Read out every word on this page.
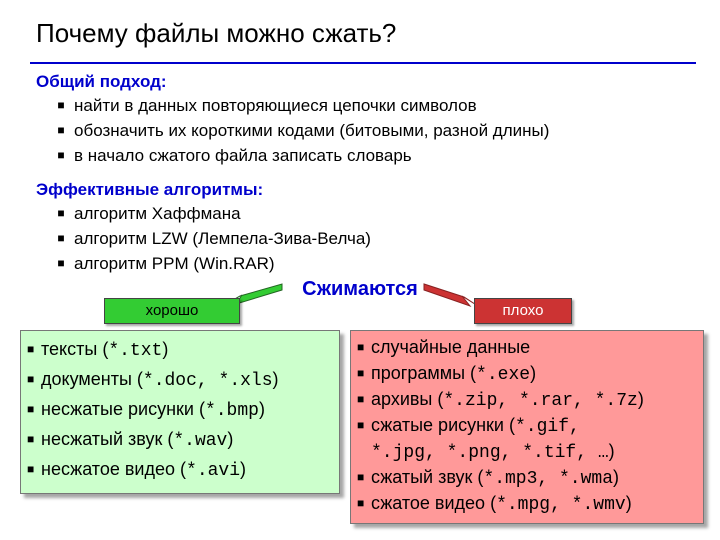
Почему файлы можно сжать?
Общий подход:
■ найти в данных повторяющиеся цепочки символов
■ обозначить их короткими кодами (битовыми, разной длины)
■ в начало сжатого файла записать словарь
Эффективные алгоритмы:
■ алгоритм Хаффмана
■ алгоритм LZW (Лемпела-Зива-Велча)
■ алгоритм PPM (Win.RAR)
Сжимаются
хорошо	плохо
■ тексты (*.txt)
■ документы (*.doc, *.xls)
■ несжатые рисунки (*.bmp)
■ несжатый звук (*.wav)
■ несжатое видео (*.avi)
■ случайные данные
■ программы (*.exe)
■ архивы (*.zip, *.rar, *.7z)
■ сжатые рисунки (*.gif,
*.jpg, *.png, *.tif, …)
■ сжатый звук (*.mp3, *.wma)
■ сжатое видео (*.mpg, *.wmv)
